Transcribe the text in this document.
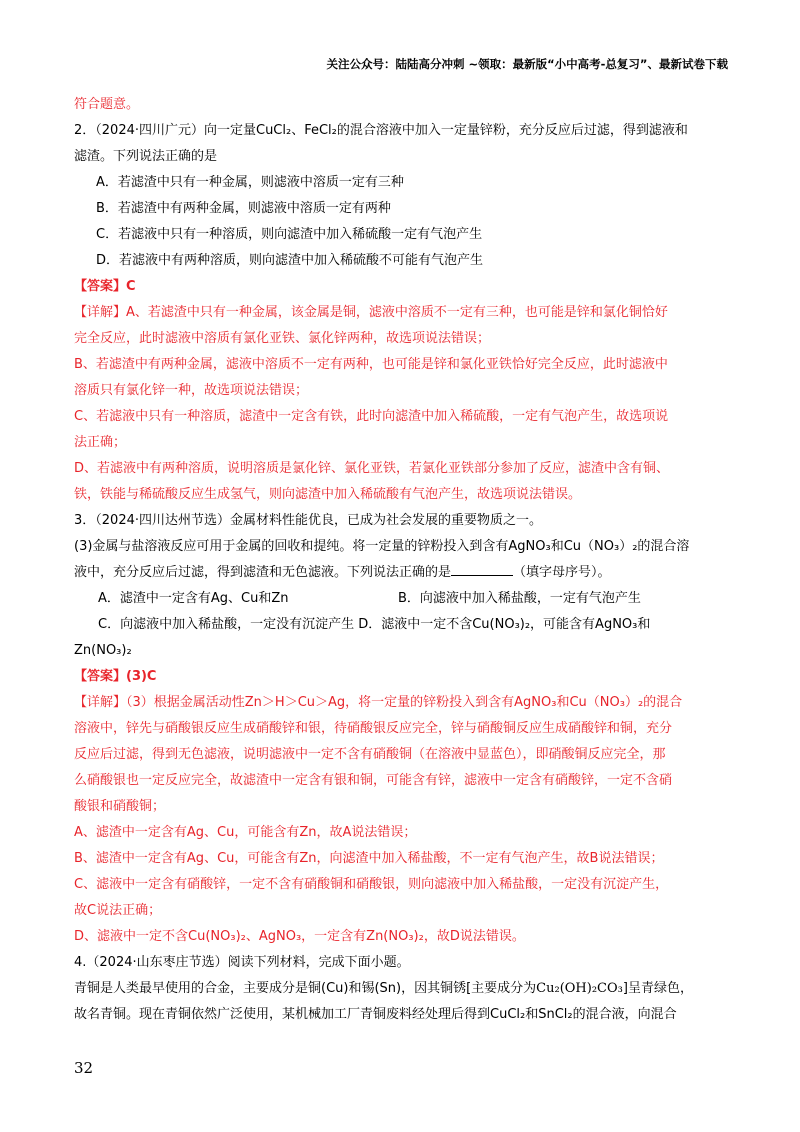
关注公众号：陆陆高分冲刺 ~领取：最新版“小中高考-总复习”、最新试卷下载
符合题意。
2．（2024·四川广元）向一定量CuCl₂、FeCl₂的混合溶液中加入一定量锌粉，充分反应后过滤，得到滤液和
滤渣。下列说法正确的是
A．若滤渣中只有一种金属，则滤液中溶质一定有三种
B．若滤渣中有两种金属，则滤液中溶质一定有两种
C．若滤液中只有一种溶质，则向滤渣中加入稀硫酸一定有气泡产生
D．若滤液中有两种溶质，则向滤渣中加入稀硫酸不可能有气泡产生
【答案】C
【详解】A、若滤渣中只有一种金属，该金属是铜，滤液中溶质不一定有三种，也可能是锌和氯化铜恰好
完全反应，此时滤液中溶质有氯化亚铁、氯化锌两种，故选项说法错误；
B、若滤渣中有两种金属，滤液中溶质不一定有两种，也可能是锌和氯化亚铁恰好完全反应，此时滤液中
溶质只有氯化锌一种，故选项说法错误；
C、若滤液中只有一种溶质，滤渣中一定含有铁，此时向滤渣中加入稀硫酸，一定有气泡产生，故选项说
法正确；
D、若滤液中有两种溶质，说明溶质是氯化锌、氯化亚铁，若氯化亚铁部分参加了反应，滤渣中含有铜、
铁，铁能与稀硫酸反应生成氢气，则向滤渣中加入稀硫酸有气泡产生，故选项说法错误。
3．（2024·四川达州节选）金属材料性能优良，已成为社会发展的重要物质之一。
(3)金属与盐溶液反应可用于金属的回收和提纯。将一定量的锌粉投入到含有AgNO₃和Cu（NO₃）₂的混合溶
液中，充分反应后过滤，得到滤渣和无色滤液。下列说法正确的是	（填字母序号）。
A．滤渣中一定含有Ag、Cu和Zn	B．向滤液中加入稀盐酸，一定有气泡产生
C．向滤液中加入稀盐酸，一定没有沉淀产生 D．滤液中一定不含Cu(NO₃)₂，可能含有AgNO₃和
Zn(NO₃)₂
【答案】(3)C
【详解】（3）根据金属活动性Zn＞H＞Cu＞Ag，将一定量的锌粉投入到含有AgNO₃和Cu（NO₃）₂的混合
溶液中，锌先与硝酸银反应生成硝酸锌和银，待硝酸银反应完全，锌与硝酸铜反应生成硝酸锌和铜，充分
反应后过滤，得到无色滤液，说明滤液中一定不含有硝酸铜（在溶液中显蓝色），即硝酸铜反应完全，那
么硝酸银也一定反应完全，故滤渣中一定含有银和铜，可能含有锌，滤液中一定含有硝酸锌，一定不含硝
酸银和硝酸铜；
A、滤渣中一定含有Ag、Cu，可能含有Zn，故A说法错误；
B、滤渣中一定含有Ag、Cu，可能含有Zn，向滤渣中加入稀盐酸，不一定有气泡产生，故B说法错误；
C、滤液中一定含有硝酸锌，一定不含有硝酸铜和硝酸银，则向滤液中加入稀盐酸，一定没有沉淀产生，
故C说法正确；
D、滤液中一定不含Cu(NO₃)₂、AgNO₃，一定含有Zn(NO₃)₂，故D说法错误。
4.（2024·山东枣庄节选）阅读下列材料，完成下面小题。
青铜是人类最早使用的合金，主要成分是铜(Cu)和锡(Sn)，因其铜锈[主要成分为Cu₂(OH)₂CO₃]呈青绿色，
故名青铜。现在青铜依然广泛使用，某机械加工厂青铜废料经处理后得到CuCl₂和SnCl₂的混合液，向混合
32
